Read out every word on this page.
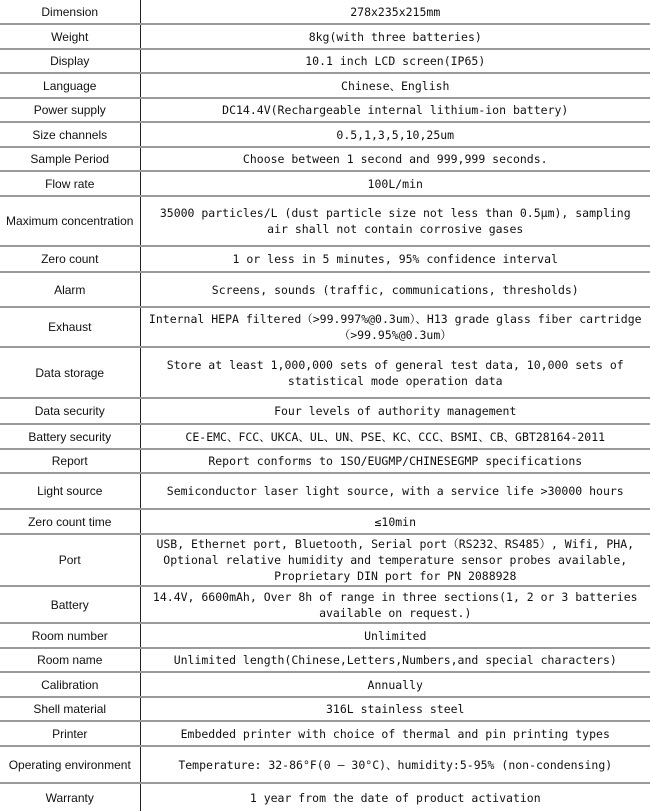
Dimension	278x235x215mm
Weight	8kg(with three batteries)
Display	10.1 inch LCD screen(IP65)
Language	Chinese、English
Power supply	DC14.4V(Rechargeable internal lithium-ion battery)
Size channels	0.5,1,3,5,10,25um
Sample Period	Choose between 1 second and 999,999 seconds.
Flow rate	100L/min
Maximum concentration	35000 particles/L (dust particle size not less than 0.5μm), sampling air shall not contain corrosive gases
Zero count	1 or less in 5 minutes, 95% confidence interval
Alarm	Screens, sounds (traffic, communications, thresholds)
Exhaust	Internal HEPA filtered（>99.997%@0.3um）、H13 grade glass fiber cartridge（>99.95%@0.3um）
Data storage	Store at least 1,000,000 sets of general test data, 10,000 sets of statistical mode operation data
Data security	Four levels of authority management
Battery security	CE-EMC、FCC、UKCA、UL、UN、PSE、KC、CCC、BSMI、CB、GBT28164-2011
Report	Report conforms to 1SO/EUGMP/CHINESEGMP specifications
Light source	Semiconductor laser light source, with a service life >30000 hours
Zero count time	≤10min
Port	USB, Ethernet port, Bluetooth, Serial port（RS232、RS485）, Wifi, PHA, Optional relative humidity and temperature sensor probes available, Proprietary DIN port for PN 2088928
Battery	14.4V, 6600mAh, Over 8h of range in three sections(1, 2 or 3 batteries available on request.)
Room number	Unlimited
Room name	Unlimited length(Chinese,Letters,Numbers,and special characters)
Calibration	Annually
Shell material	316L stainless steel
Printer	Embedded printer with choice of thermal and pin printing types
Operating environment	Temperature: 32-86°F(0 – 30°C)、humidity:5-95% (non-condensing)
Warranty	1 year from the date of product activation
